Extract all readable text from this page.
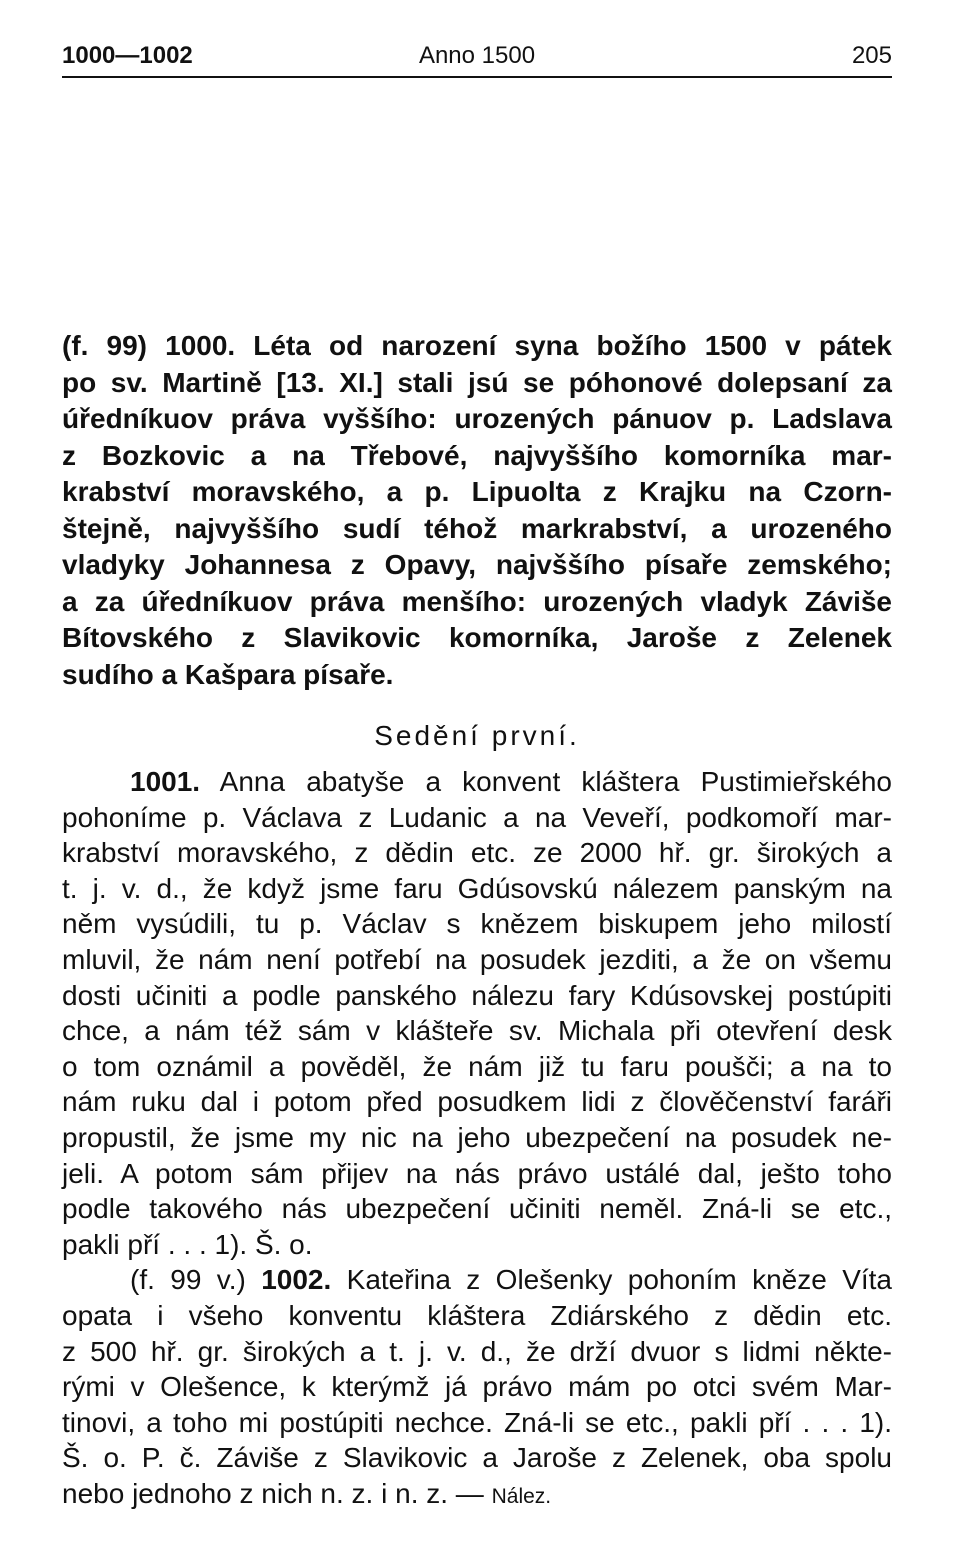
1000—1002	Anno 1500	205
(f. 99) 1000. Léta od narození syna božího 1500 v pátek
po sv. Martině [13. XI.] stali jsú se póhonové dolepsaní za
úředníkuov práva vyššího: urozených pánuov p. Ladslava
z Bozkovic a na Třebové, najvyššího komorníka mar-
krabství moravského, a p. Lipuolta z Krajku na Czorn-
štejně, najvyššího sudí téhož markrabství, a urozeného
vladyky Johannesa z Opavy, najvššího písaře zemského;
a za úředníkuov práva menšího: urozených vladyk Záviše
Bítovského z Slavikovic komorníka, Jaroše z Zelenek
sudího a Kašpara písaře.
Sedění první.
1001. Anna abatyše a konvent kláštera Pustimieřského
pohoníme p. Václava z Ludanic a na Veveří, podkomoří mar-
krabství moravského, z dědin etc. ze 2000 hř. gr. širokých a
t. j. v. d., že když jsme faru Gdúsovskú nálezem panským na
něm vysúdili, tu p. Václav s knězem biskupem jeho milostí
mluvil, že nám není potřebí na posudek jezditi, a že on všemu
dosti učiniti a podle panského nálezu fary Kdúsovskej postúpiti
chce, a nám též sám v klášteře sv. Michala při otevření desk
o tom oznámil a pověděl, že nám již tu faru poušči; a na to
nám ruku dal i potom před posudkem lidi z člověčenství faráři
propustil, že jsme my nic na jeho ubezpečení na posudek ne-
jeli. A potom sám přijev na nás právo ustálé dal, ješto toho
podle takového nás ubezpečení učiniti neměl. Zná-li se etc.,
pakli pří . . . 1). Š. o.
(f. 99 v.) 1002. Kateřina z Olešenky pohoním kněze Víta
opata i všeho konventu kláštera Zdiárského z dědin etc.
z 500 hř. gr. širokých a t. j. v. d., že drží dvuor s lidmi někte-
rými v Olešence, k kterýmž já právo mám po otci svém Mar-
tinovi, a toho mi postúpiti nechce. Zná-li se etc., pakli pří . . . 1).
Š. o. P. č. Záviše z Slavikovic a Jaroše z Zelenek, oba spolu
nebo jednoho z nich n. z. i n. z. — Nález.
